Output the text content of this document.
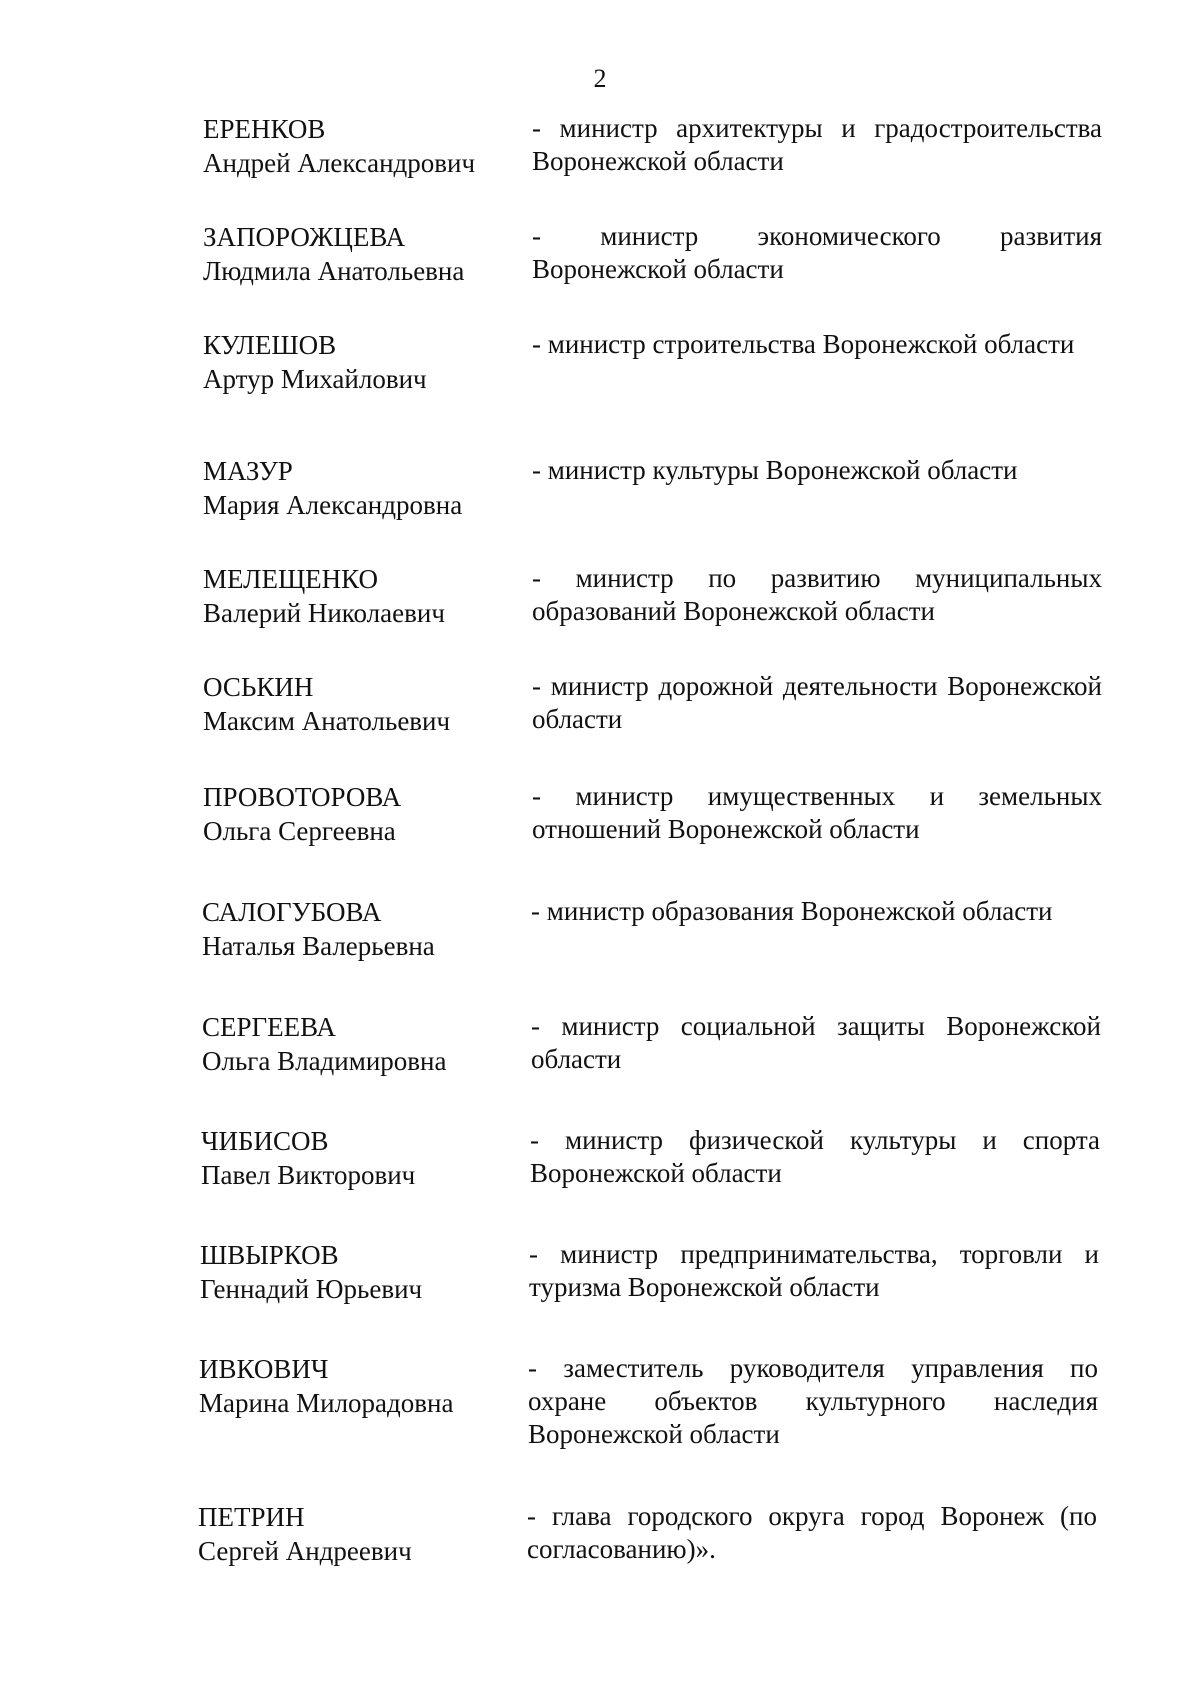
2
ЕРЕНКОВ
Андрей Александрович
- министр архитектуры и градостроительства Воронежской области
ЗАПОРОЖЦЕВА
Людмила Анатольевна
- министр экономического развития Воронежской области
КУЛЕШОВ
Артур Михайлович
- министр строительства Воронежской области
МАЗУР
Мария Александровна
- министр культуры Воронежской области
МЕЛЕЩЕНКО
Валерий Николаевич
- министр по развитию муниципальных образований Воронежской области
ОСЬКИН
Максим Анатольевич
- министр дорожной деятельности Воронежской области
ПРОВОТОРОВА
Ольга Сергеевна
- министр имущественных и земельных отношений Воронежской области
САЛОГУБОВА
Наталья Валерьевна
- министр образования Воронежской области
СЕРГЕЕВА
Ольга Владимировна
- министр социальной защиты Воронежской области
ЧИБИСОВ
Павел Викторович
- министр физической культуры и спорта Воронежской области
ШВЫРКОВ
Геннадий Юрьевич
- министр предпринимательства, торговли и туризма Воронежской области
ИВКОВИЧ
Марина Милорадовна
- заместитель руководителя управления по охране объектов культурного наследия Воронежской области
ПЕТРИН
Сергей Андреевич
- глава городского округа город Воронеж (по согласованию)».
